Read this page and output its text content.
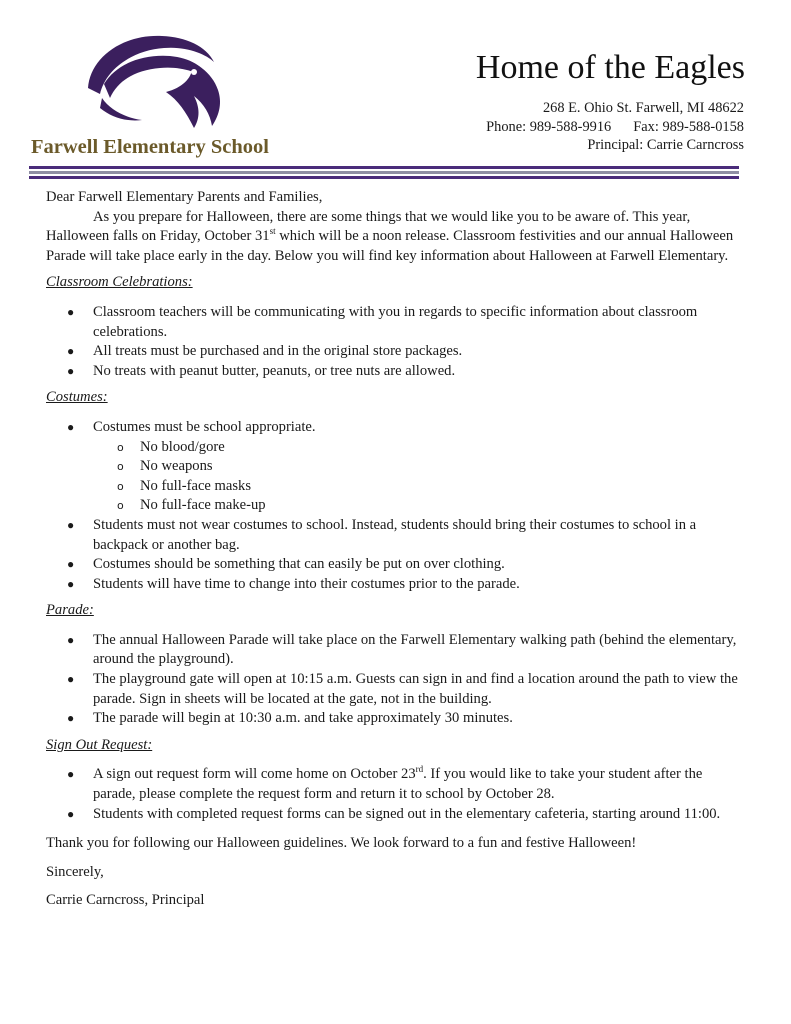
Farwell Elementary School
Home of the Eagles
268 E. Ohio St. Farwell, MI 48622
Phone: 989-588-9916 Fax: 989-588-0158
Principal: Carrie Carncross

Dear Farwell Elementary Parents and Families,

As you prepare for Halloween, there are some things that we would like you to be aware of. This year, Halloween falls on Friday, October 31st which will be a noon release. Classroom festivities and our annual Halloween Parade will take place early in the day. Below you will find key information about Halloween at Farwell Elementary.

Classroom Celebrations:

● Classroom teachers will be communicating with you in regards to specific information about classroom celebrations.
● All treats must be purchased and in the original store packages.
● No treats with peanut butter, peanuts, or tree nuts are allowed.

Costumes:

● Costumes must be school appropriate.
o No blood/gore
o No weapons
o No full-face masks
o No full-face make-up
● Students must not wear costumes to school. Instead, students should bring their costumes to school in a backpack or another bag.
● Costumes should be something that can easily be put on over clothing.
● Students will have time to change into their costumes prior to the parade.

Parade:

● The annual Halloween Parade will take place on the Farwell Elementary walking path (behind the elementary, around the playground).
● The playground gate will open at 10:15 a.m. Guests can sign in and find a location around the path to view the parade. Sign in sheets will be located at the gate, not in the building.
● The parade will begin at 10:30 a.m. and take approximately 30 minutes.

Sign Out Request:

● A sign out request form will come home on October 23rd. If you would like to take your student after the parade, please complete the request form and return it to school by October 28.
● Students with completed request forms can be signed out in the elementary cafeteria, starting around 11:00.

Thank you for following our Halloween guidelines. We look forward to a fun and festive Halloween!

Sincerely,

Carrie Carncross, Principal
